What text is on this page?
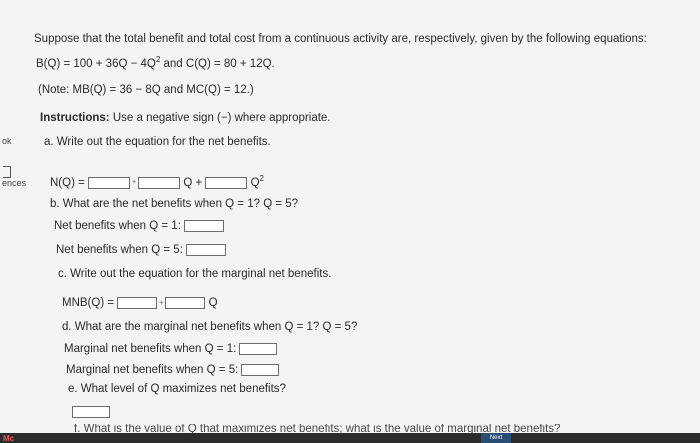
ok
ences
Suppose that the total benefit and total cost from a continuous activity are, respectively, given by the following equations:
$B(Q) = 100 + 36Q - 4Q^2$ and C(Q) = 80 + 12Q.
(Note: MB(Q) = 36 − 8Q and MC(Q) = 12.)
Instructions: Use a negative sign (−) where appropriate.
a. Write out the equation for the net benefits.
N(Q) =	+	Q +	$Q^2$
b. What are the net benefits when Q = 1? Q = 5?
Net benefits when Q = 1:
Net benefits when Q = 5:
c. Write out the equation for the marginal net benefits.
MNB(Q) =	+	Q
d. What are the marginal net benefits when Q = 1? Q = 5?
Marginal net benefits when Q = 1:
Marginal net benefits when Q = 5:
e. What level of Q maximizes net benefits?
f. What is the value of Q that maximizes net benefits; what is the value of marginal net benefits?
Mc	Next
